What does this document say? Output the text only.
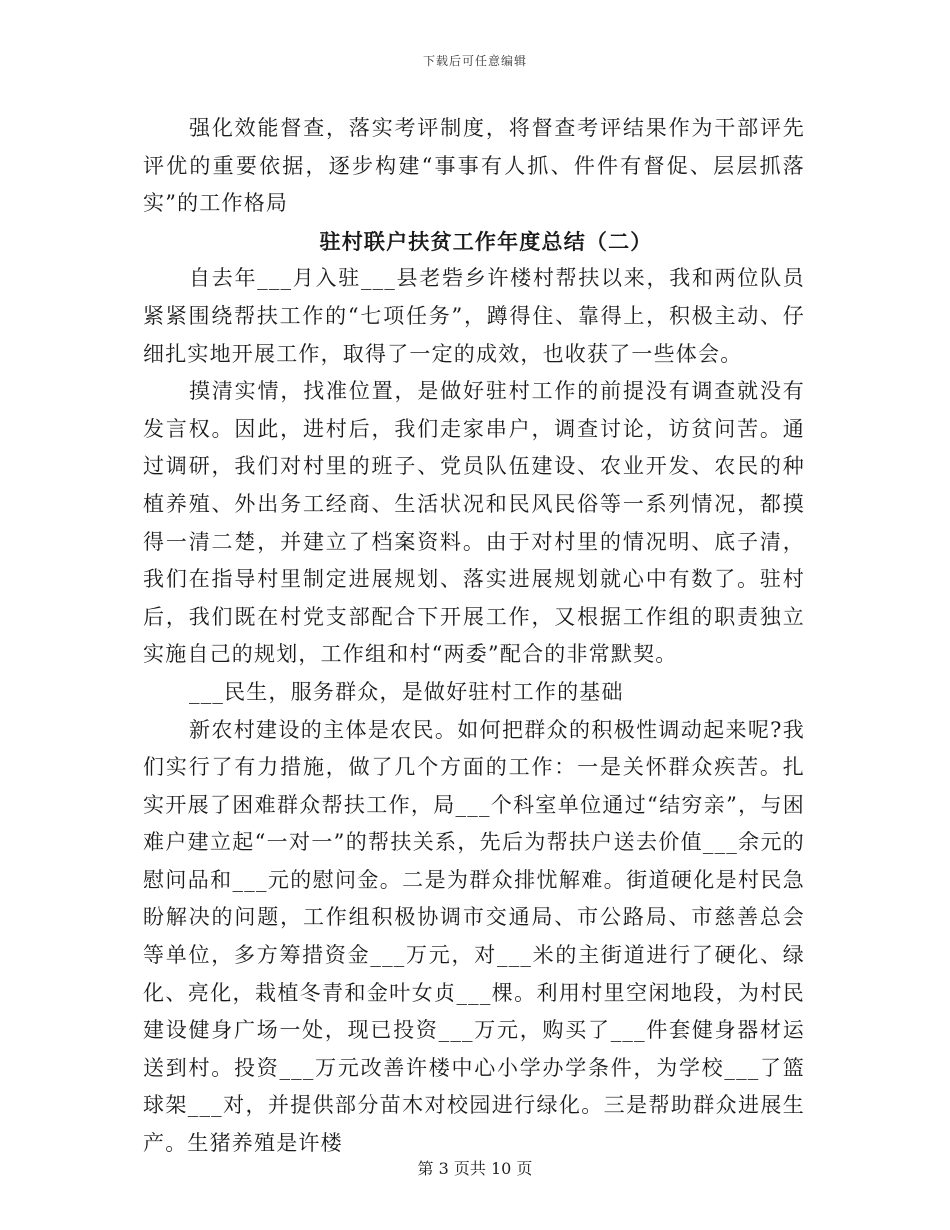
下载后可任意编辑

强化效能督查，落实考评制度，将督查考评结果作为干部评先评优的重要依据，逐步构建“事事有人抓、件件有督促、层层抓落实”的工作格局

驻村联户扶贫工作年度总结（二）

自去年___月入驻___县老砦乡许楼村帮扶以来，我和两位队员紧紧围绕帮扶工作的“七项任务”，蹲得住、靠得上，积极主动、仔细扎实地开展工作，取得了一定的成效，也收获了一些体会。

摸清实情，找准位置，是做好驻村工作的前提没有调查就没有发言权。因此，进村后，我们走家串户，调查讨论，访贫问苦。通过调研，我们对村里的班子、党员队伍建设、农业开发、农民的种植养殖、外出务工经商、生活状况和民风民俗等一系列情况，都摸得一清二楚，并建立了档案资料。由于对村里的情况明、底子清，我们在指导村里制定进展规划、落实进展规划就心中有数了。驻村后，我们既在村党支部配合下开展工作，又根据工作组的职责独立实施自己的规划，工作组和村“两委”配合的非常默契。

___民生，服务群众，是做好驻村工作的基础

新农村建设的主体是农民。如何把群众的积极性调动起来呢?我们实行了有力措施，做了几个方面的工作：一是关怀群众疾苦。扎实开展了困难群众帮扶工作，局___个科室单位通过“结穷亲”，与困难户建立起“一对一”的帮扶关系，先后为帮扶户送去价值___余元的慰问品和___元的慰问金。二是为群众排忧解难。街道硬化是村民急盼解决的问题，工作组积极协调市交通局、市公路局、市慈善总会等单位，多方筹措资金___万元，对___米的主街道进行了硬化、绿化、亮化，栽植冬青和金叶女贞___棵。利用村里空闲地段，为村民建设健身广场一处，现已投资___万元，购买了___件套健身器材运送到村。投资___万元改善许楼中心小学办学条件，为学校___了篮球架___对，并提供部分苗木对校园进行绿化。三是帮助群众进展生产。生猪养殖是许楼

第 3 页共 10 页
